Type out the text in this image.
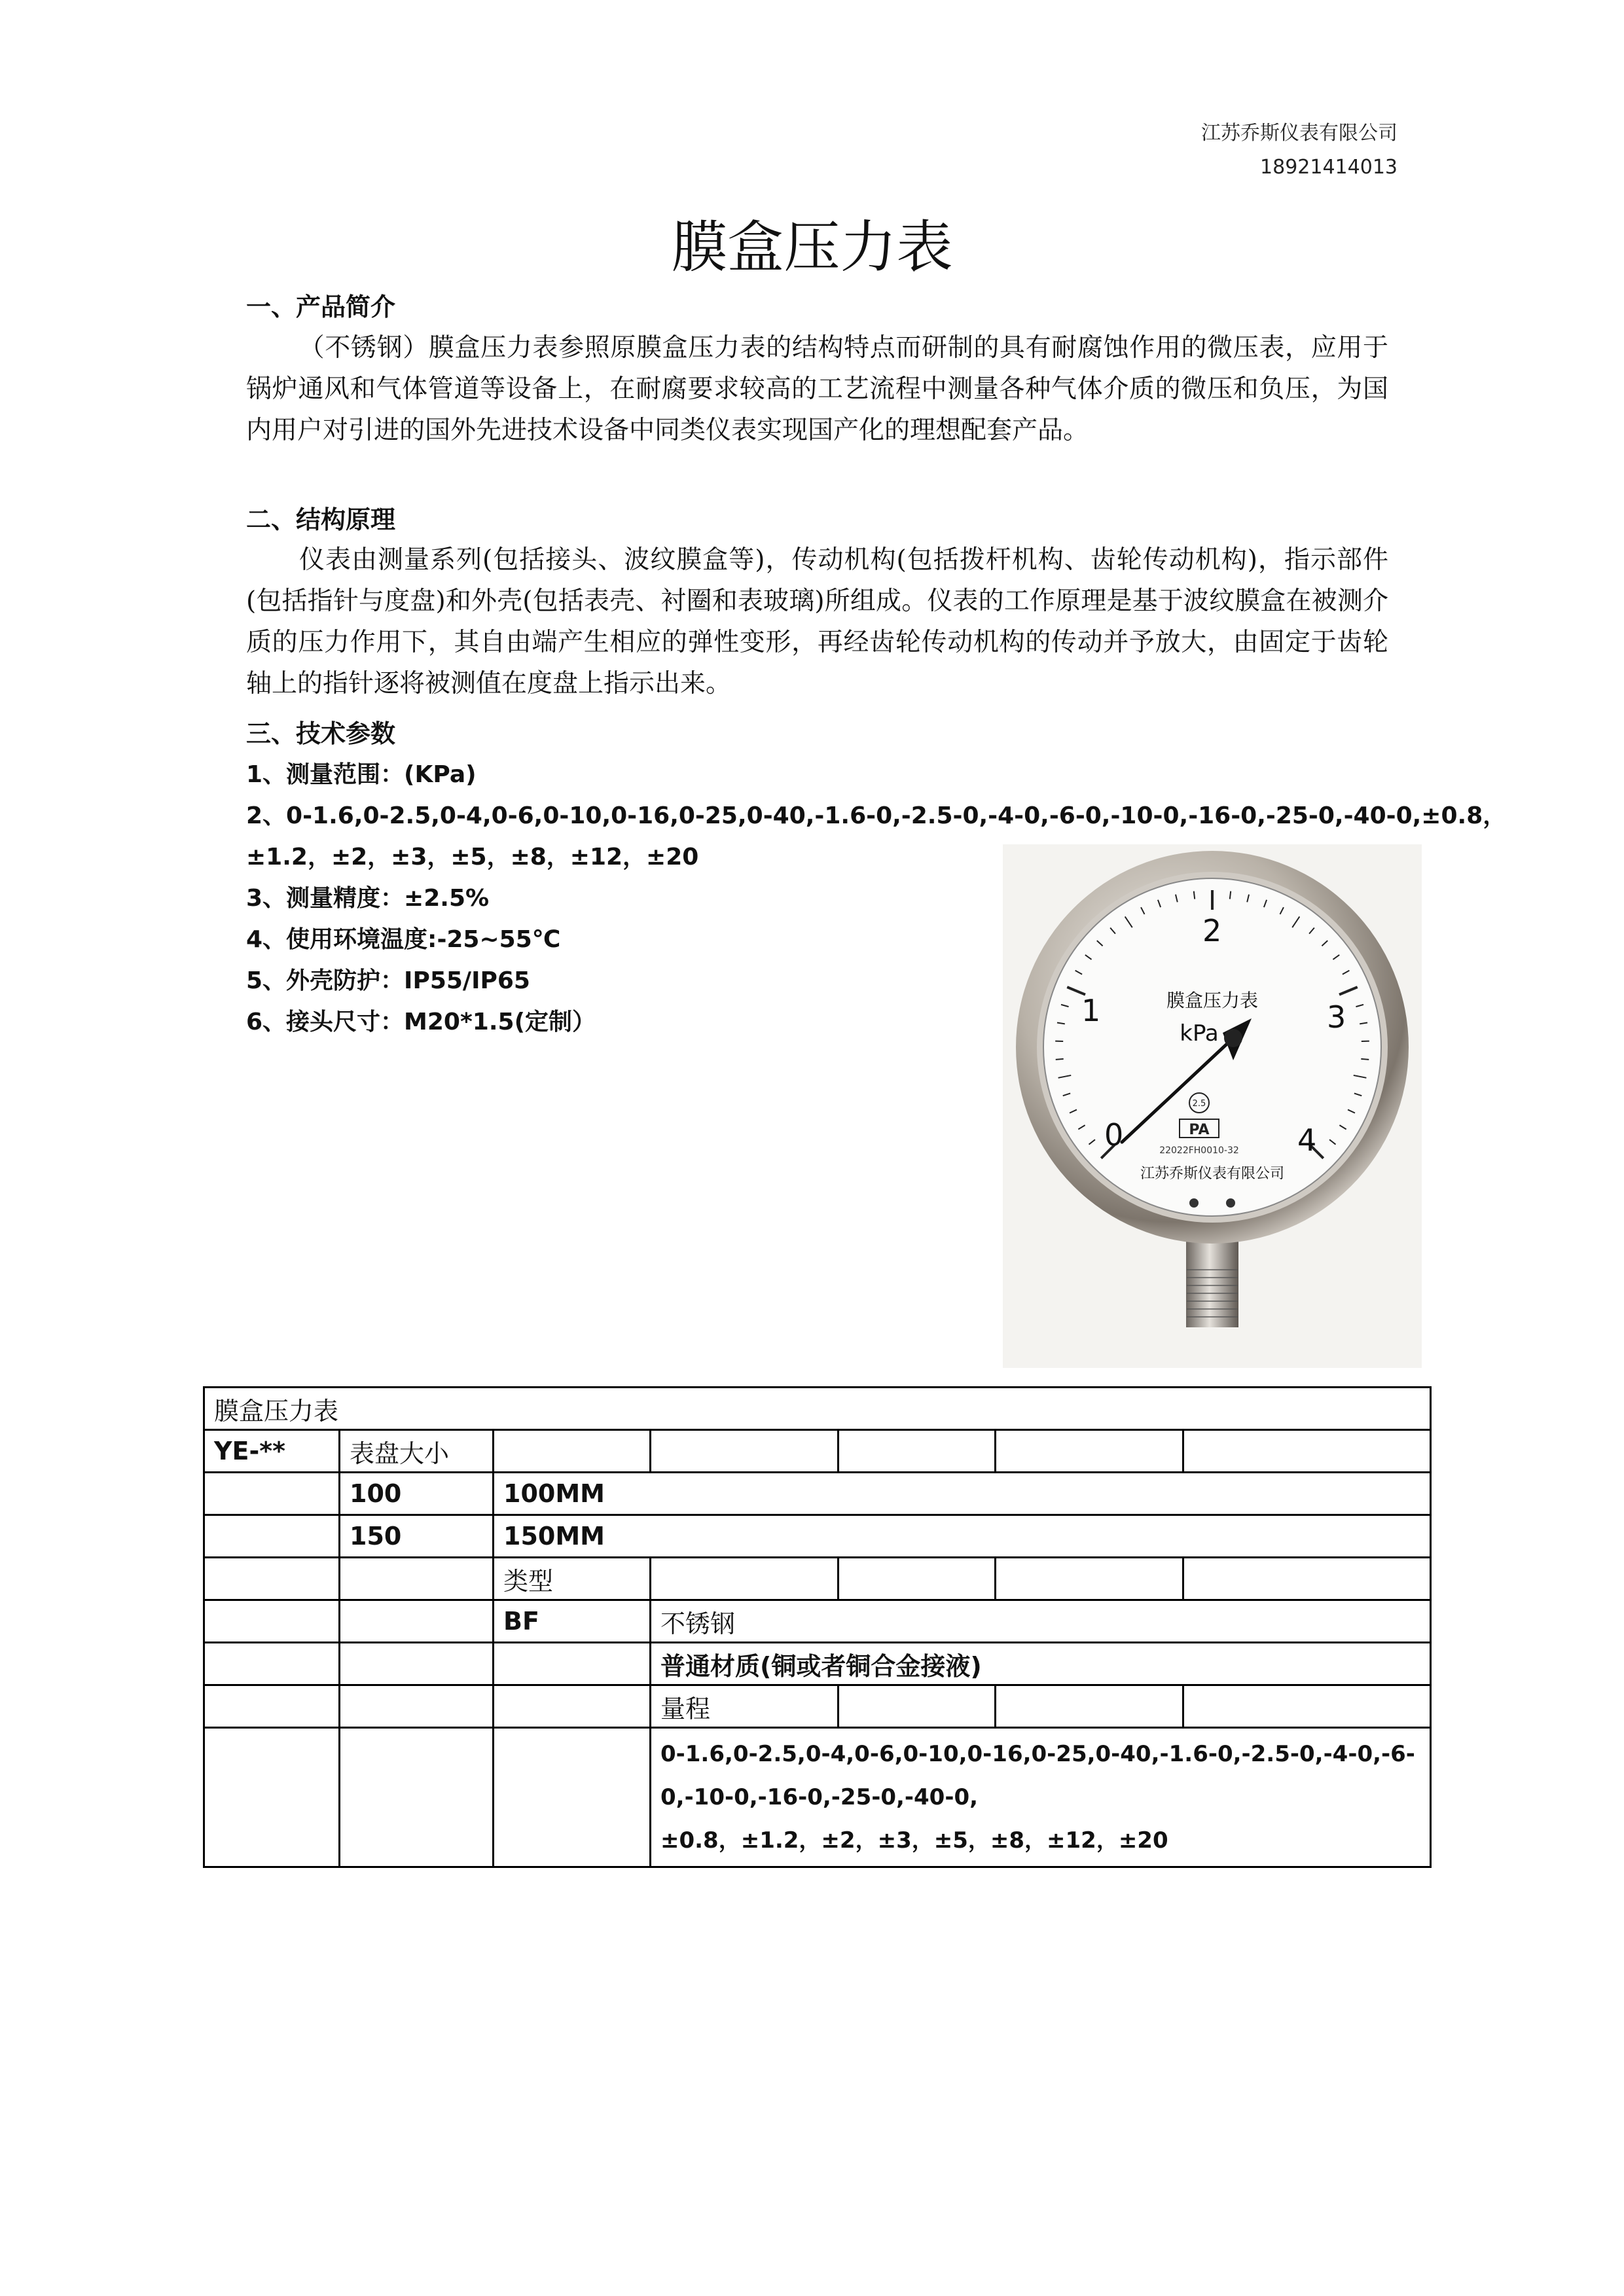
江苏乔斯仪表有限公司
18921414013
膜盒压力表
一、产品简介
（不锈钢）膜盒压力表参照原膜盒压力表的结构特点而研制的具有耐腐蚀作用的微压表，应用于锅炉通风和气体管道等设备上，在耐腐要求较高的工艺流程中测量各种气体介质的微压和负压，为国内用户对引进的国外先进技术设备中同类仪表实现国产化的理想配套产品。
二、结构原理
仪表由测量系列(包括接头、波纹膜盒等)，传动机构(包括拨杆机构、齿轮传动机构)，指示部件(包括指针与度盘)和外壳(包括表壳、衬圈和表玻璃)所组成。仪表的工作原理是基于波纹膜盒在被测介质的压力作用下，其自由端产生相应的弹性变形，再经齿轮传动机构的传动并予放大，由固定于齿轮轴上的指针逐将被测值在度盘上指示出来。
三、技术参数
1、测量范围：(KPa)
2、0-1.6,0-2.5,0-4,0-6,0-10,0-16,0-25,0-40,-1.6-0,-2.5-0,-4-0,-6-0,-10-0,-16-0,-25-0,-40-0,±0.8，
±1.2，±2，±3，±5，±8，±12，±20
3、测量精度：±2.5%
4、使用环境温度:-25~55℃
5、外壳防护：IP55/IP65
6、接头尺寸：M20*1.5(定制）
0
1
2
3
4
膜盒压力表
kPa
2.5
PA
22022FH0010-32
江苏乔斯仪表有限公司
膜盒压力表						
YE-**	表盘大小					
	100	100MM				
	150	150MM				
		类型				
		BF	不锈钢			
			普通材质(铜或者铜合金接液)			
			量程			
			0-1.6,0-2.5,0-4,0-6,0-10,0-16,0-25,0-40,-1.6-0,-2.5-0,-4-0,-6-0,-10-0,-16-0,-25-0,-40-0,±0.8，±1.2，±2，±3，±5，±8，±12，±20			
